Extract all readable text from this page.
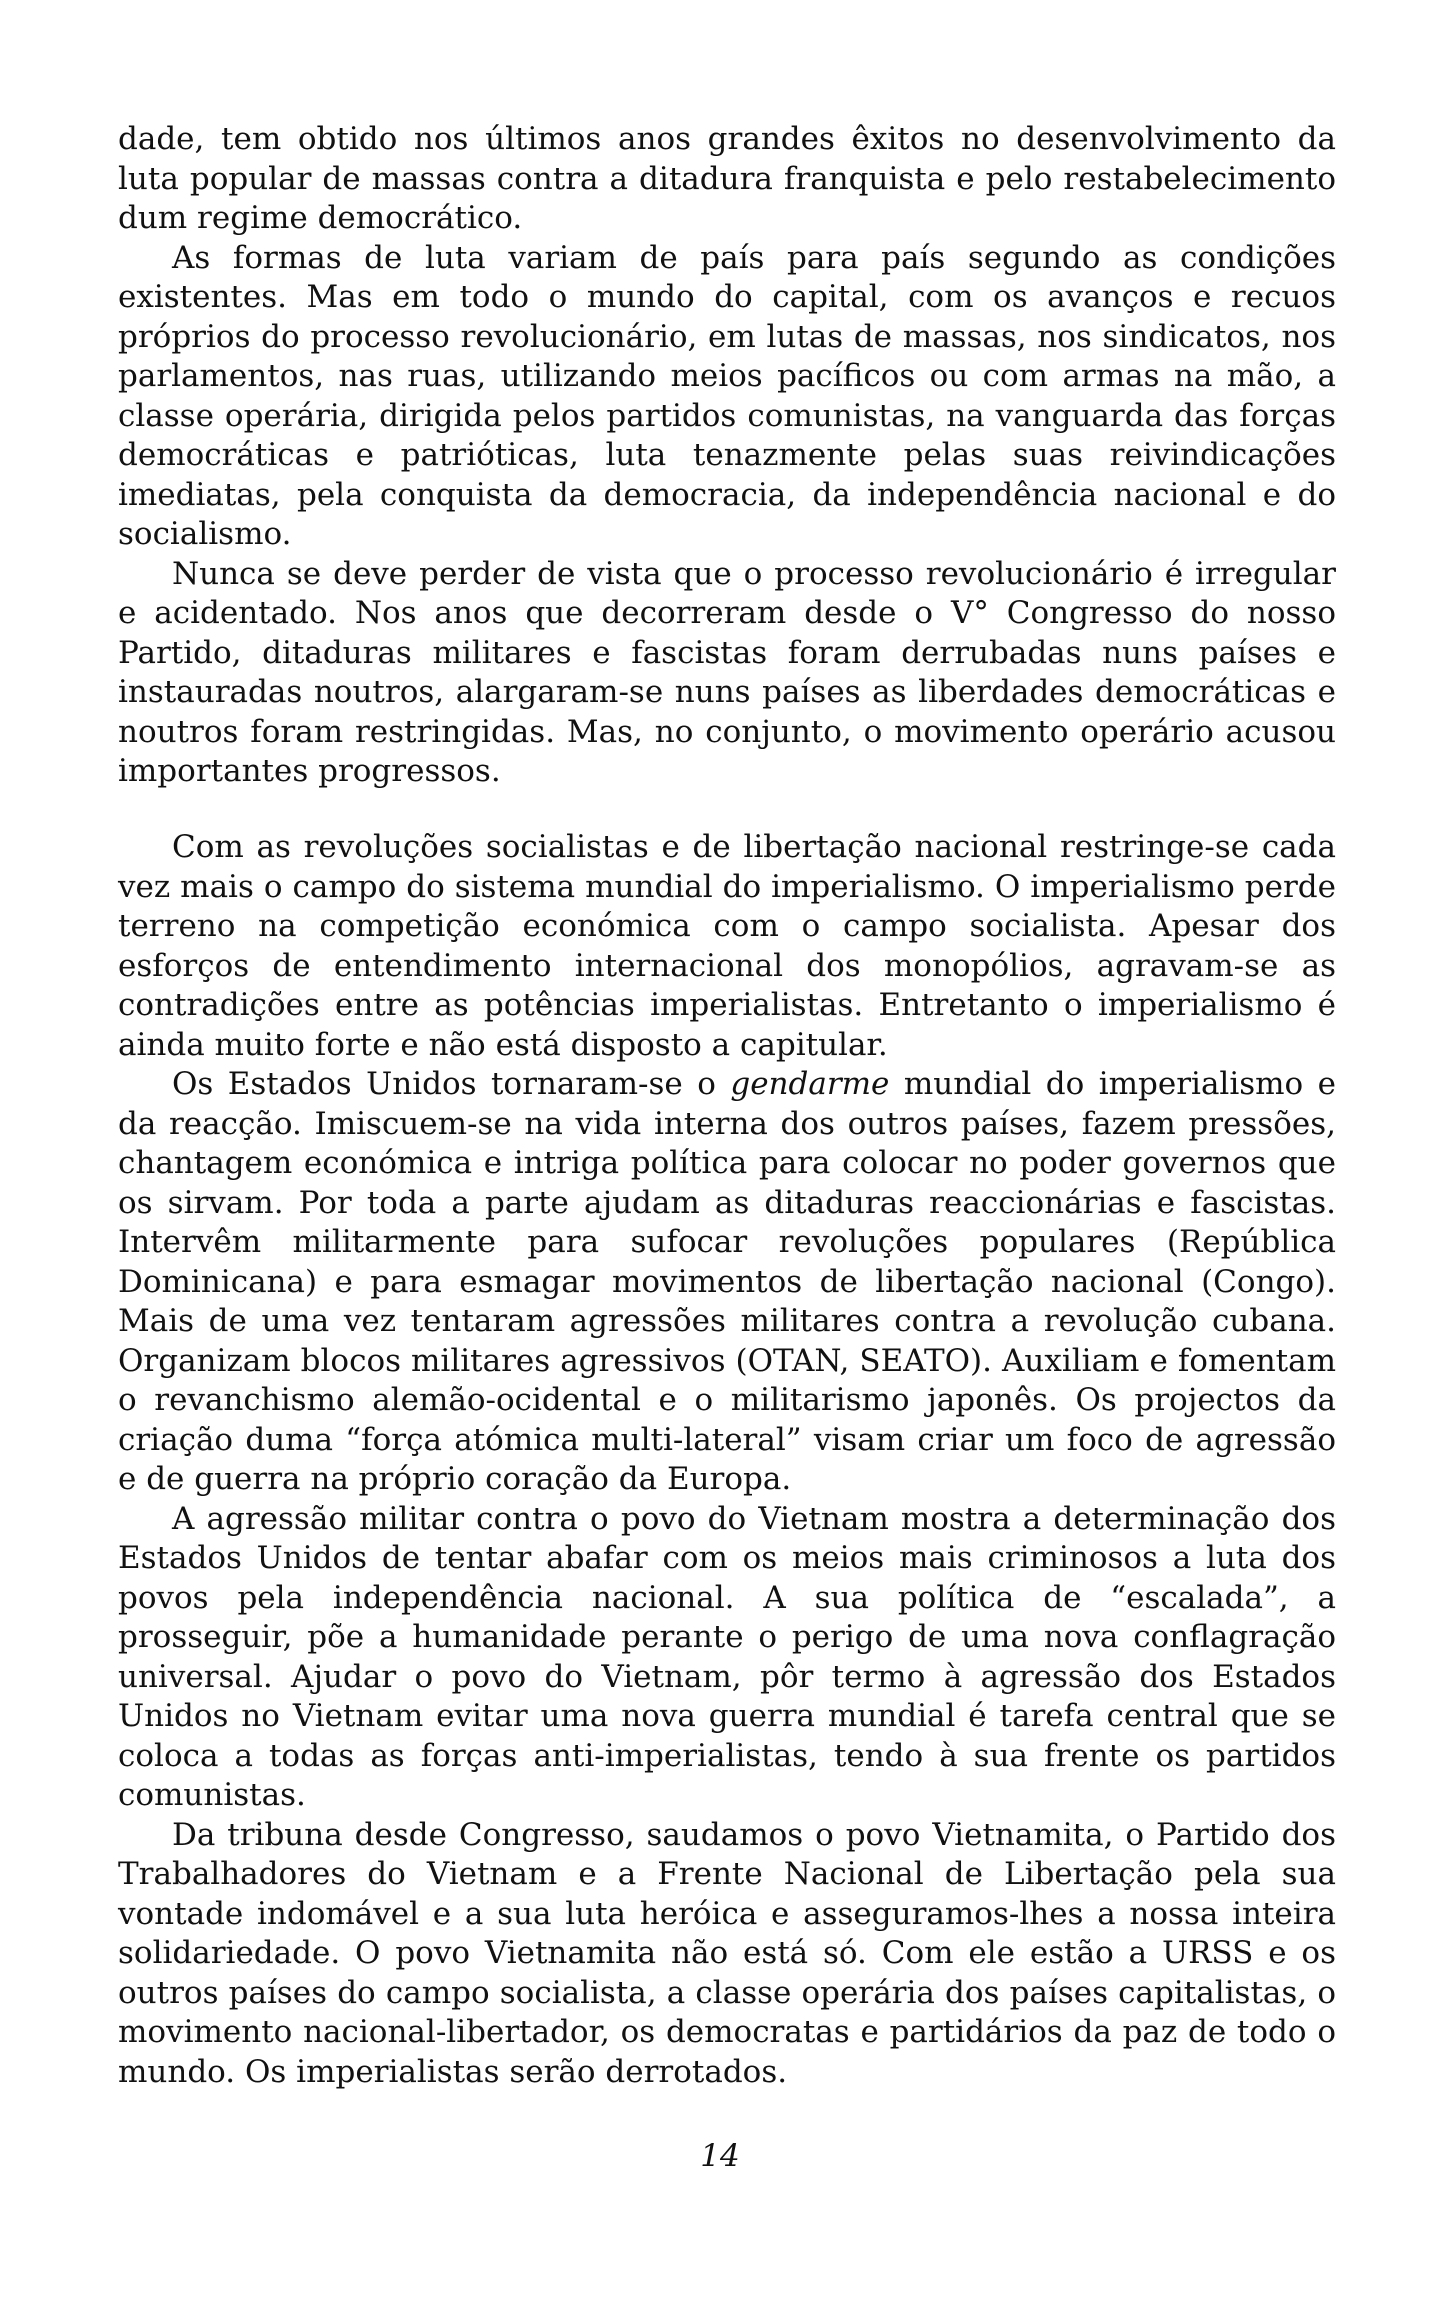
dade, tem obtido nos últimos anos grandes êxitos no desenvolvimento da luta popular de massas contra a ditadura franquista e pelo restabelecimento dum regime democrático.

As formas de luta variam de país para país segundo as condições existentes. Mas em todo o mundo do capital, com os avanços e recuos próprios do processo revolucionário, em lutas de massas, nos sindicatos, nos parlamentos, nas ruas, utilizando meios pacíficos ou com armas na mão, a classe operária, dirigida pelos partidos comunistas, na vanguarda das forças democráticas e patrióticas, luta tenazmente pelas suas reivindicações imediatas, pela conquista da democracia, da independência nacional e do socialismo.

Nunca se deve perder de vista que o processo revolucionário é irregular e acidentado. Nos anos que decorreram desde o V° Congresso do nosso Partido, ditaduras militares e fascistas foram derrubadas nuns países e instauradas noutros, alargaram-se nuns países as liberdades democráticas e noutros foram restringidas. Mas, no conjunto, o movimento operário acusou importantes progressos.

Com as revoluções socialistas e de libertação nacional restringe-se cada vez mais o campo do sistema mundial do imperialismo. O imperialismo perde terreno na competição económica com o campo socialista. Apesar dos esforços de entendimento internacional dos monopólios, agravam-se as contradições entre as potências imperialistas. Entretanto o imperialismo é ainda muito forte e não está disposto a capitular.

Os Estados Unidos tornaram-se o gendarme mundial do imperialismo e da reacção. Imiscuem-se na vida interna dos outros países, fazem pressões, chantagem económica e intriga política para colocar no poder governos que os sirvam. Por toda a parte ajudam as ditaduras reaccionárias e fascistas. Intervêm militarmente para sufocar revoluções populares (República Dominicana) e para esmagar movimentos de libertação nacional (Congo). Mais de uma vez tentaram agressões militares contra a revolução cubana. Organizam blocos militares agressivos (OTAN, SEATO). Auxiliam e fomentam o revanchismo alemão-ocidental e o militarismo japonês. Os projectos da criação duma “força atómica multi-lateral” visam criar um foco de agressão e de guerra na próprio coração da Europa.

A agressão militar contra o povo do Vietnam mostra a determinação dos Estados Unidos de tentar abafar com os meios mais criminosos a luta dos povos pela independência nacional. A sua política de “escalada”, a prosseguir, põe a humanidade perante o perigo de uma nova conflagração universal. Ajudar o povo do Vietnam, pôr termo à agressão dos Estados Unidos no Vietnam evitar uma nova guerra mundial é tarefa central que se coloca a todas as forças anti-imperialistas, tendo à sua frente os partidos comunistas.

Da tribuna desde Congresso, saudamos o povo Vietnamita, o Partido dos Trabalhadores do Vietnam e a Frente Nacional de Libertação pela sua vontade indomável e a sua luta heróica e asseguramos-lhes a nossa inteira solidariedade. O povo Vietnamita não está só. Com ele estão a URSS e os outros países do campo socialista, a classe operária dos países capitalistas, o movimento nacional-libertador, os democratas e partidários da paz de todo o mundo. Os imperialistas serão derrotados.

14
